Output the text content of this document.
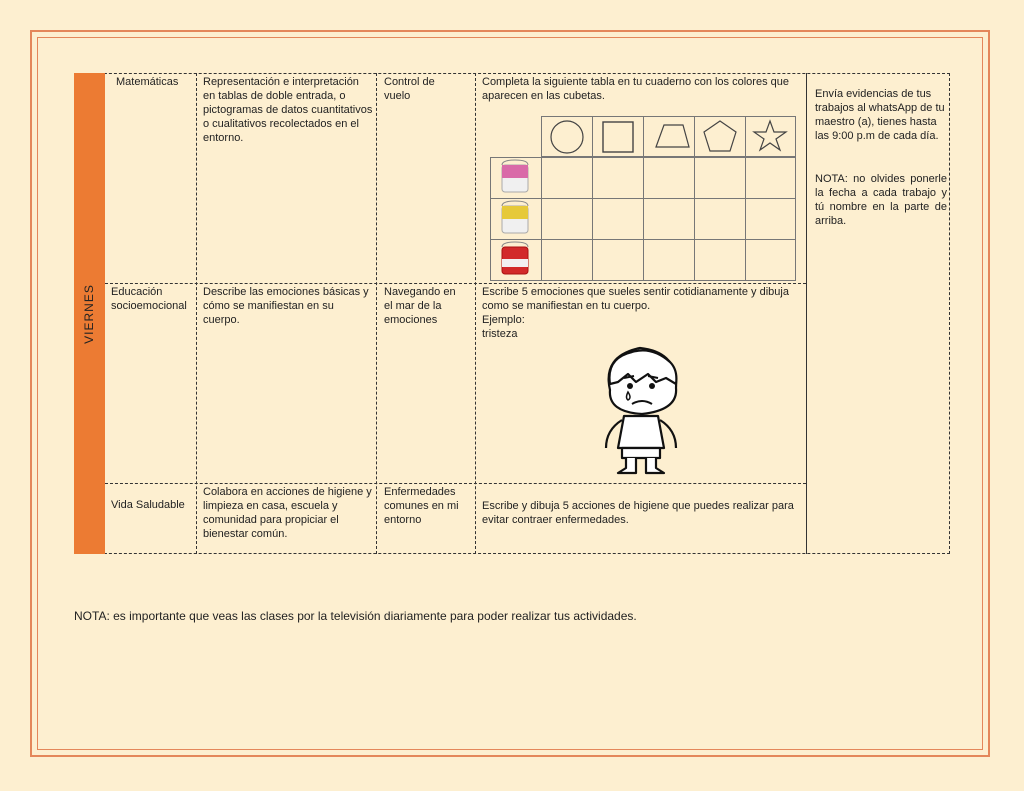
VIERNES
Matemáticas	Representación e interpretación en tablas de doble entrada, o pictogramas de datos cuantitativos o cualitativos recolectados en el entorno.
Control de vuelo
Completa la siguiente tabla en tu cuaderno con los colores que aparecen en las cubetas.
Educación socioemocional
Describe las emociones básicas y cómo se manifiestan en su cuerpo.
Navegando en el mar de la emociones
Escribe 5 emociones que sueles sentir cotidianamente y dibuja como se manifiestan en tu cuerpo.
Ejemplo:
tristeza
Vida Saludable
Colabora en acciones de higiene y limpieza en casa, escuela y comunidad para propiciar el bienestar común.
Enfermedades comunes en mi entorno
Escribe y dibuja 5 acciones de higiene que puedes realizar para evitar contraer enfermedades.
Envía evidencias de tus trabajos al whatsApp de tu maestro (a), tienes hasta las 9:00 p.m de cada día.
NOTA: no olvides ponerle la fecha a cada trabajo y tú nombre en la parte de arriba.
NOTA: es importante que veas las clases por la televisión diariamente para poder realizar tus actividades.
